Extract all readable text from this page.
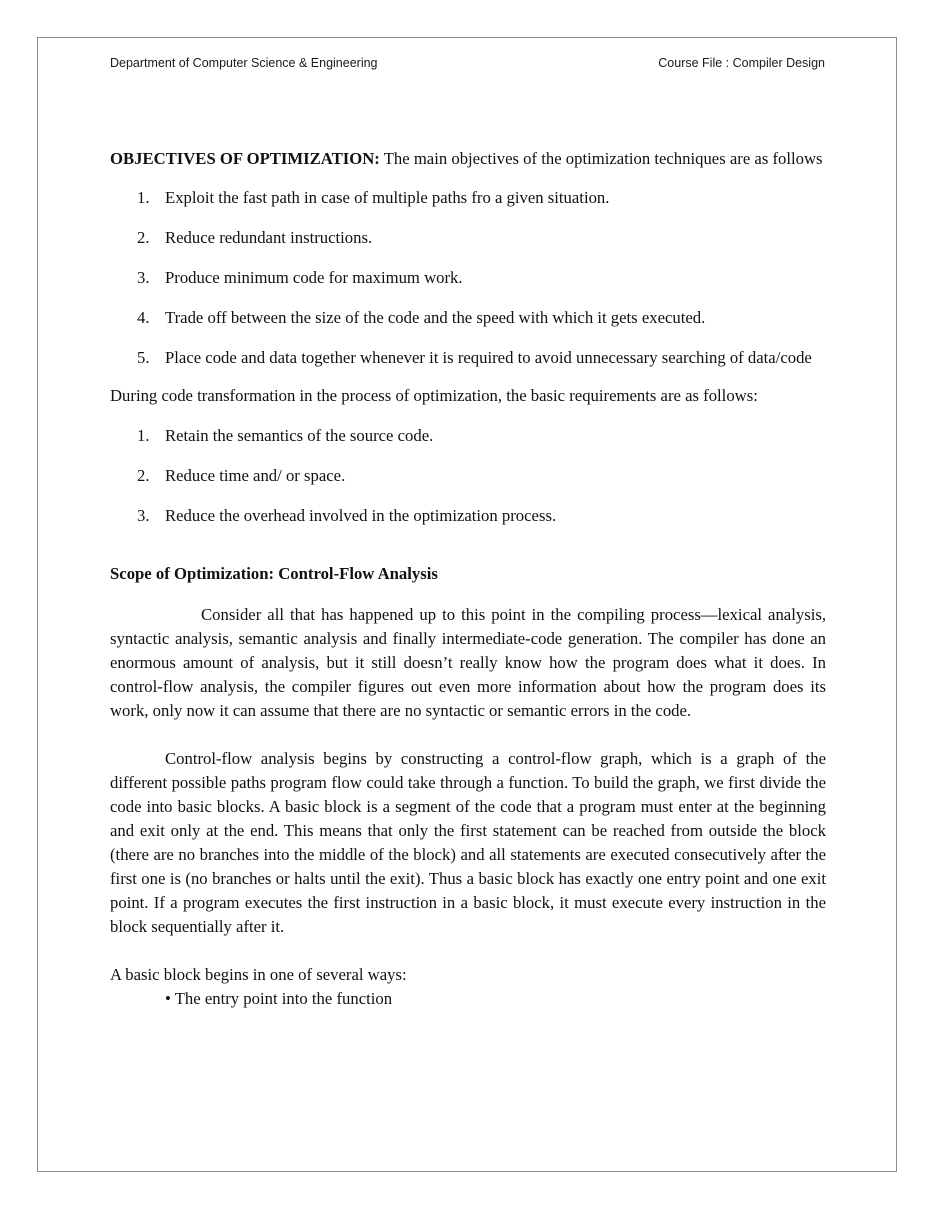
Department of Computer Science & Engineering	Course File : Compiler Design

OBJECTIVES OF OPTIMIZATION: The main objectives of the optimization techniques are as follows

1. Exploit the fast path in case of multiple paths fro a given situation.
2. Reduce redundant instructions.
3. Produce minimum code for maximum work.
4. Trade off between the size of the code and the speed with which it gets executed.
5. Place code and data together whenever it is required to avoid unnecessary searching of data/code

During code transformation in the process of optimization, the basic requirements are as follows:

1. Retain the semantics of the source code.
2. Reduce time and/ or space.
3. Reduce the overhead involved in the optimization process.

Scope of Optimization: Control-Flow Analysis

Consider all that has happened up to this point in the compiling process—lexical analysis, syntactic analysis, semantic analysis and finally intermediate-code generation. The compiler has done an enormous amount of analysis, but it still doesn’t really know how the program does what it does. In control-flow analysis, the compiler figures out even more information about how the program does its work, only now it can assume that there are no syntactic or semantic errors in the code.

Control-flow analysis begins by constructing a control-flow graph, which is a graph of the different possible paths program flow could take through a function. To build the graph, we first divide the code into basic blocks. A basic block is a segment of the code that a program must enter at the beginning and exit only at the end. This means that only the first statement can be reached from outside the block (there are no branches into the middle of the block) and all statements are executed consecutively after the first one is (no branches or halts until the exit). Thus a basic block has exactly one entry point and one exit point. If a program executes the first instruction in a basic block, it must execute every instruction in the block sequentially after it.

A basic block begins in one of several ways:

• The entry point into the function
